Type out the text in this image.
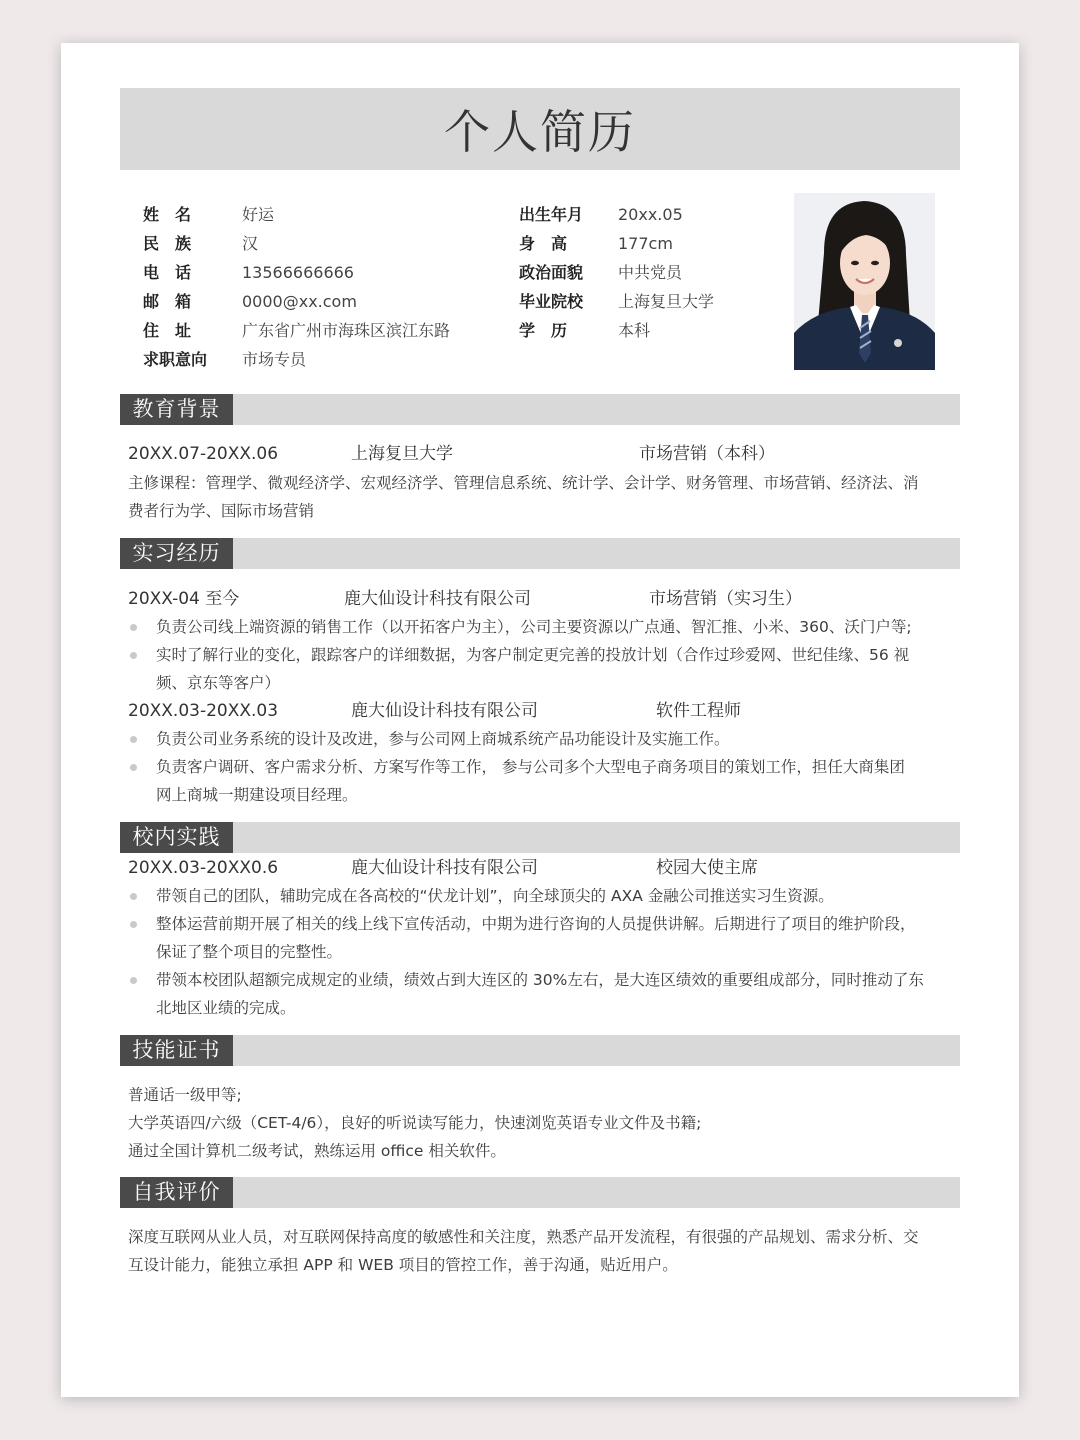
个人简历
姓　名	好运
民　族	汉
电　话	13566666666
邮　箱	0000@xx.com
住　址	广东省广州市海珠区滨江东路
求职意向 市场专员
出生年月 20xx.05
身　高	177cm
政治面貌 中共党员
毕业院校 上海复旦大学
学　历	本科
教育背景
20XX.07-20XX.06	上海复旦大学	市场营销（本科）
主修课程：管理学、微观经济学、宏观经济学、管理信息系统、统计学、会计学、财务管理、市场营销、经济法、消
费者行为学、国际市场营销
实习经历
20XX-04 至今	鹿大仙设计科技有限公司	市场营销（实习生）
负责公司线上端资源的销售工作（以开拓客户为主），公司主要资源以广点通、智汇推、小米、360、沃门户等;
实时了解行业的变化，跟踪客户的详细数据，为客户制定更完善的投放计划（合作过珍爱网、世纪佳缘、56 视
频、京东等客户）
20XX.03-20XX.03	鹿大仙设计科技有限公司	软件工程师
负责公司业务系统的设计及改进，参与公司网上商城系统产品功能设计及实施工作。
负责客户调研、客户需求分析、方案写作等工作， 参与公司多个大型电子商务项目的策划工作，担任大商集团
网上商城一期建设项目经理。
校内实践
20XX.03-20XX0.6	鹿大仙设计科技有限公司	校园大使主席
带领自己的团队，辅助完成在各高校的“伏龙计划”，向全球顶尖的 AXA 金融公司推送实习生资源。
整体运营前期开展了相关的线上线下宣传活动，中期为进行咨询的人员提供讲解。后期进行了项目的维护阶段，
保证了整个项目的完整性。
带领本校团队超额完成规定的业绩，绩效占到大连区的 30%左右，是大连区绩效的重要组成部分，同时推动了东
北地区业绩的完成。
技能证书
普通话一级甲等;
大学英语四/六级（CET-4/6），良好的听说读写能力，快速浏览英语专业文件及书籍;
通过全国计算机二级考试，熟练运用 office 相关软件。
自我评价
深度互联网从业人员，对互联网保持高度的敏感性和关注度，熟悉产品开发流程，有很强的产品规划、需求分析、交
互设计能力，能独立承担 APP 和 WEB 项目的管控工作，善于沟通，贴近用户。
